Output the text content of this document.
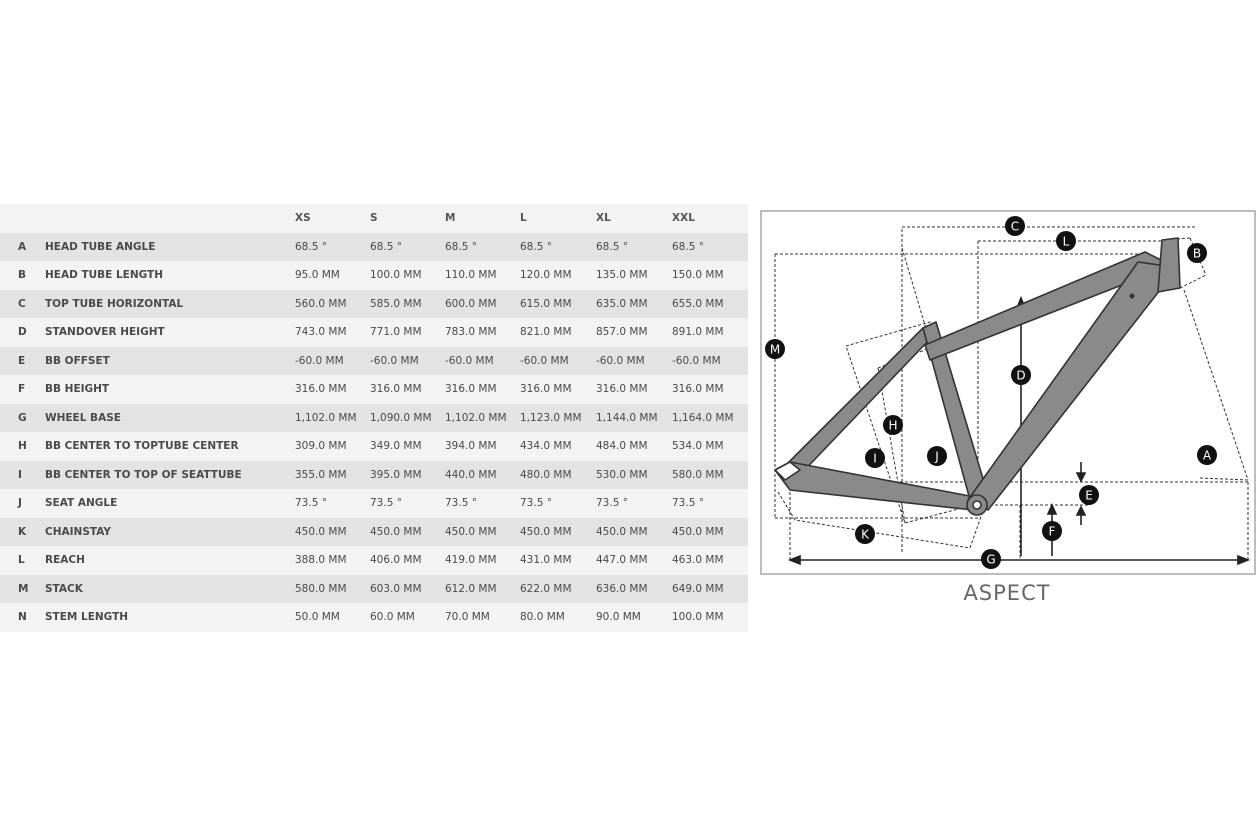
		XS	S	M	L	XL	XXL
A	HEAD TUBE ANGLE	68.5 °	68.5 °	68.5 °	68.5 °	68.5 °	68.5 °
B	HEAD TUBE LENGTH	95.0 MM	100.0 MM	110.0 MM	120.0 MM	135.0 MM	150.0 MM
C	TOP TUBE HORIZONTAL	560.0 MM	585.0 MM	600.0 MM	615.0 MM	635.0 MM	655.0 MM
D	STANDOVER HEIGHT	743.0 MM	771.0 MM	783.0 MM	821.0 MM	857.0 MM	891.0 MM
E	BB OFFSET	-60.0 MM	-60.0 MM	-60.0 MM	-60.0 MM	-60.0 MM	-60.0 MM
F	BB HEIGHT	316.0 MM	316.0 MM	316.0 MM	316.0 MM	316.0 MM	316.0 MM
G	WHEEL BASE	1,102.0 MM	1,090.0 MM	1,102.0 MM	1,123.0 MM	1,144.0 MM	1,164.0 MM
H	BB CENTER TO TOPTUBE CENTER	309.0 MM	349.0 MM	394.0 MM	434.0 MM	484.0 MM	534.0 MM
I	BB CENTER TO TOP OF SEATTUBE	355.0 MM	395.0 MM	440.0 MM	480.0 MM	530.0 MM	580.0 MM
J	SEAT ANGLE	73.5 °	73.5 °	73.5 °	73.5 °	73.5 °	73.5 °
K	CHAINSTAY	450.0 MM	450.0 MM	450.0 MM	450.0 MM	450.0 MM	450.0 MM
L	REACH	388.0 MM	406.0 MM	419.0 MM	431.0 MM	447.0 MM	463.0 MM
M	STACK	580.0 MM	603.0 MM	612.0 MM	622.0 MM	636.0 MM	649.0 MM
N	STEM LENGTH	50.0 MM	60.0 MM	70.0 MM	80.0 MM	90.0 MM	100.0 MM
A
B
C
D
E
F
G
H
I	J
K
L
M
ASPECT
